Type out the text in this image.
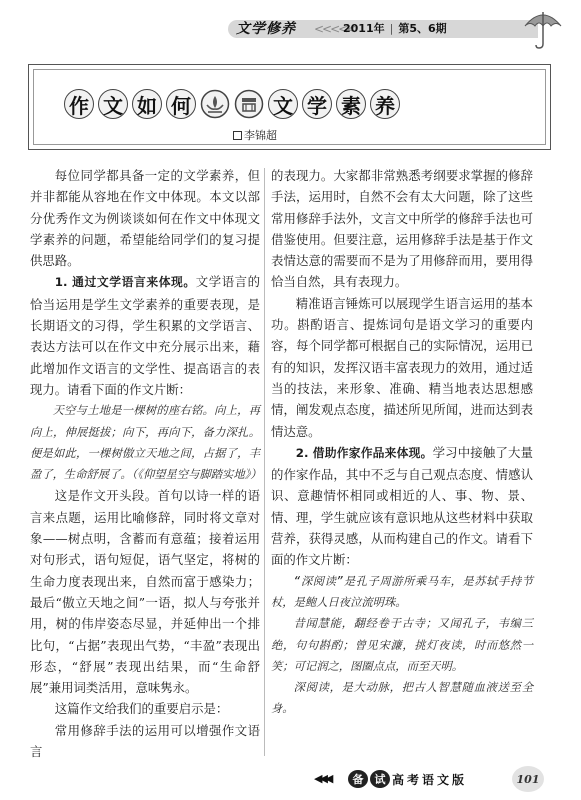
文学修养 <<<<<
2011年 | 第5、6期
作 文 如 何	文 学 素 养
李锦超

每位同学都具备一定的文学素养，但并非都能从容地在作文中体现。本文以部分优秀作文为例谈谈如何在作文中体现文学素养的问题，希望能给同学们的复习提供思路。

1. 通过文学语言来体现。文学语言的恰当运用是学生文学素养的重要表现，是长期语文的习得，学生积累的文学语言、表达方法可以在作文中充分展示出来，藉此增加作文语言的文学性、提高语言的表现力。请看下面的作文片断：

天空与土地是一棵树的座右铭。向上，再向上，伸展挺拔；向下，再向下，备力深扎。便是如此，一棵树傲立天地之间，占据了，丰盈了，生命舒展了。（《仰望星空与脚踏实地》）

这是作文开头段。首句以诗一样的语言来点题，运用比喻修辞，同时将文章对象——树点明，含蓄而有意蕴；接着运用对句形式，语句短促，语气坚定，将树的生命力度表现出来，自然而富于感染力；最后“傲立天地之间”一语，拟人与夸张并用，树的伟岸姿态尽显，并延伸出一个排比句，“占据”表现出气势，“丰盈”表现出形态，“舒展”表现出结果，而“生命舒展”兼用词类活用，意味隽永。

这篇作文给我们的重要启示是：

常用修辞手法的运用可以增强作文语言

的表现力。大家都非常熟悉考纲要求掌握的修辞手法，运用时，自然不会有太大问题，除了这些常用修辞手法外，文言文中所学的修辞手法也可借鉴使用。但要注意，运用修辞手法是基于作文表情达意的需要而不是为了用修辞而用，要用得恰当自然，具有表现力。

精准语言锤炼可以展现学生语言运用的基本功。斟酌语言、提炼词句是语文学习的重要内容，每个同学都可根据自己的实际情况，运用已有的知识，发挥汉语丰富表现力的效用，通过适当的技法，来形象、准确、精当地表达思想感情，阐发观点态度，描述所见所闻，进而达到表情达意。

2. 借助作家作品来体现。学习中接触了大量的作家作品，其中不乏与自己观点态度、情感认识、意趣情怀相同或相近的人、事、物、景、情、理，学生就应该有意识地从这些材料中获取营养，获得灵感，从而构建自己的作文。请看下面的作文片断：

“深阅读”是孔子周游所乘马车，是苏轼手持节杖，是鲍人日夜泣流明珠。

昔闻慧能，翻经卷于古寺；又闻孔子，韦编三绝，句句斟酌；曾见宋濂，挑灯夜读，时而悠然一笑；可记润之，图圈点点，而至天明。

深阅读，是大动脉，把古人智慧随血液送至全身。

◀◀◀	备	试 高考语文版	101
